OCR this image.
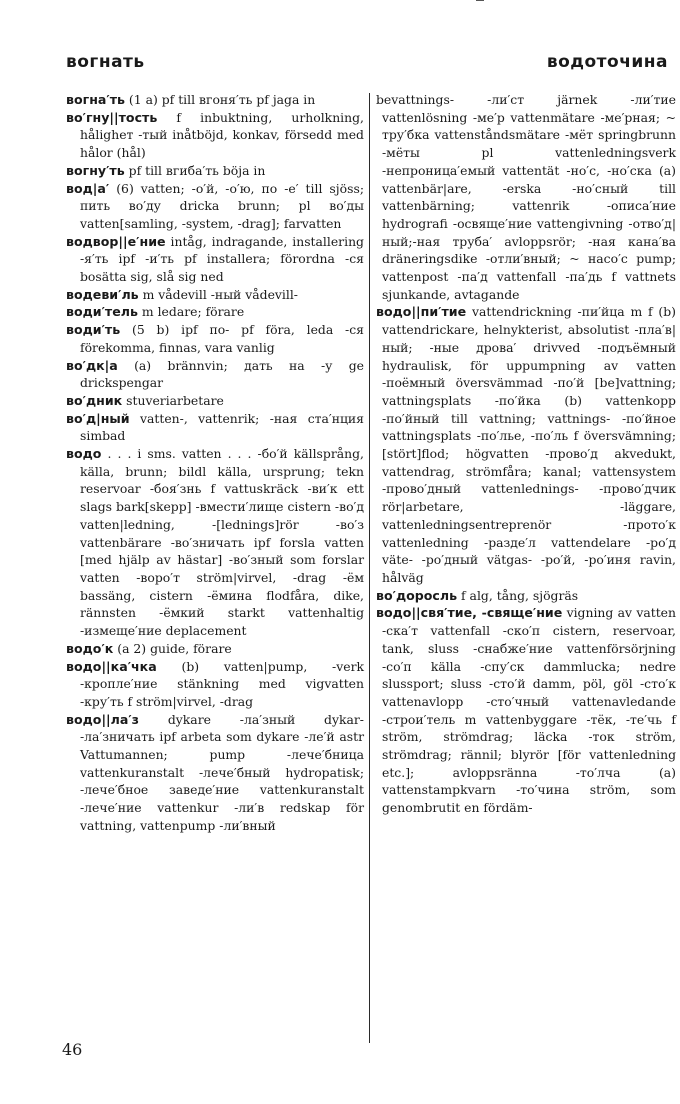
вогнать	водоточина

вогна′ть (1 a) pf till вгоня′ть pf jaga in

во′гну||тость f inbuktning, urholkning, håligheт -тый inåtböjd, konkav, försedd med hålor (hål)

вогну′ть pf till вгиба′ть böja in

вод|а′ (6) vatten; -о′й, -о′ю, по -е′ till sjöss; пить во′ду dricka brunn; pl во′ды vatten[samling, -system, -drag]; farvatten

водвор||е′ние intåg, indragande, installering -я′ть ipf -и′ть pf installera; förordna -ся bosätta sig, slå sig ned

водеви′ль m vådevill -ный vådevill-

води′тель m ledare; förare

води′ть (5 b) ipf по- pf föra, leda -ся förekomma, finnas, vara vanlig

во′дк|а (a) brännvin; дать на -у ge drickspengar

во′дник stuveriarbetare

во′д|ный vatten-, vattenrik; -ная ста′нция simbad

водо . . . i sms. vatten . . . -бо′й källsprång, källa, brunn; bildl källa, ursprung; tekn reservoar -боя′знь f vattuskräck -ви′к ett slags bark[skepp] -вмести′лище cistern -во′д vatten|ledning, -[lednings]rör -во′з vattenbärare -во′зничать ipf forsla vatten [med hjälp av hästar] -во′зный som forslar vatten -воро′т ström|virvel, -drag -ём bassäng, cistern -ёмина flodfåra, dike, rännsten -ёмкий starkt vattenhaltig -измеще′ние deplacement

водо′к (a 2) guide, förare

водо||ка′чка (b) vatten|pump, -verk -кропле′ние stänkning med vigvatten -кру′ть f ström|virvel, -drag

водо||ла′з dykare -ла′зный dykar- -ла′зничать ipf arbeta som dykare -ле′й astr Vattumannen; pump -лече′бница vattenkuranstalt -лече′бный hydropatisk; -лече′бное заведе′ние vattenkuranstalt -лече′ние vattenkur -ли′в redskap för vattning, vattenpump -ли′вный

bevattnings- -ли′ст järnek -ли′тие vattenlösning -ме′р vattenmätare -ме′рная; ~ тру′бка vattenståndsmätare -мёт springbrunn -мёты pl vattenledningsverk -непроница′емый vattentät -но′с, -но′ска (a) vattenbär|are, -erska -но′сный till vattenbärning; vattenrik -описа′ние hydrografi -освяще′ние vattengivning -отво′д|ный;-ная труба′ avloppsrör; -ная кана′ва dräneringsdike -отли′вный; ~ насо′с pump; vattenpost -па′д vattenfall -па′дь f vattnets sjunkande, avtagande

водо||пи′тие vattendrickning -пи′йца m f (b) vattendrickare, helnykterist, absolutist -пла′в|ный; -ные дрова′ drivved -подъёмный hydraulisk, för uppumpning av vatten -поёмный översvämmad -по′й [be]vattning; vattningsplats -по′йка (b) vattenkopp -по′йный till vattning; vattnings- -по′йное vattningsplats -по′лье, -по′ль f översvämning; [stört]flod; högvatten -прово′д akvedukt, vattendrag, strömfåra; kanal; vattensystem -прово′дный vattenlednings- -прово′дчик rör|arbetare, -läggare, vattenledningsentreprenör -прото′к vattenledning -разде′л vattendelare -ро′д väte- -ро′дный vätgas- -ро′й, -ро′иня ravin, hålväg

во′доросль f alg, tång, sjögräs

водо||свя′тие, -свяще′ние vigning av vatten -ска′т vattenfall -ско′п cistern, reservoar, tank, sluss -снабже′ние vattenförsörjning -со′п källa -спу′ск dammlucka; nedre slussport; sluss -сто′й damm, pöl, göl -сто′к vattenavlopp -сто′чный vattenavledande -строи′тель m vattenbyggare -тёк, -те′чь f ström, strömdrag; läcka -ток ström, strömdrag; rännil; blyrör [för vattenledning etc.]; avloppsränna -то′лча (a) vattenstampkvarn -то′чина ström, som genombrutit en fördäm-

46
